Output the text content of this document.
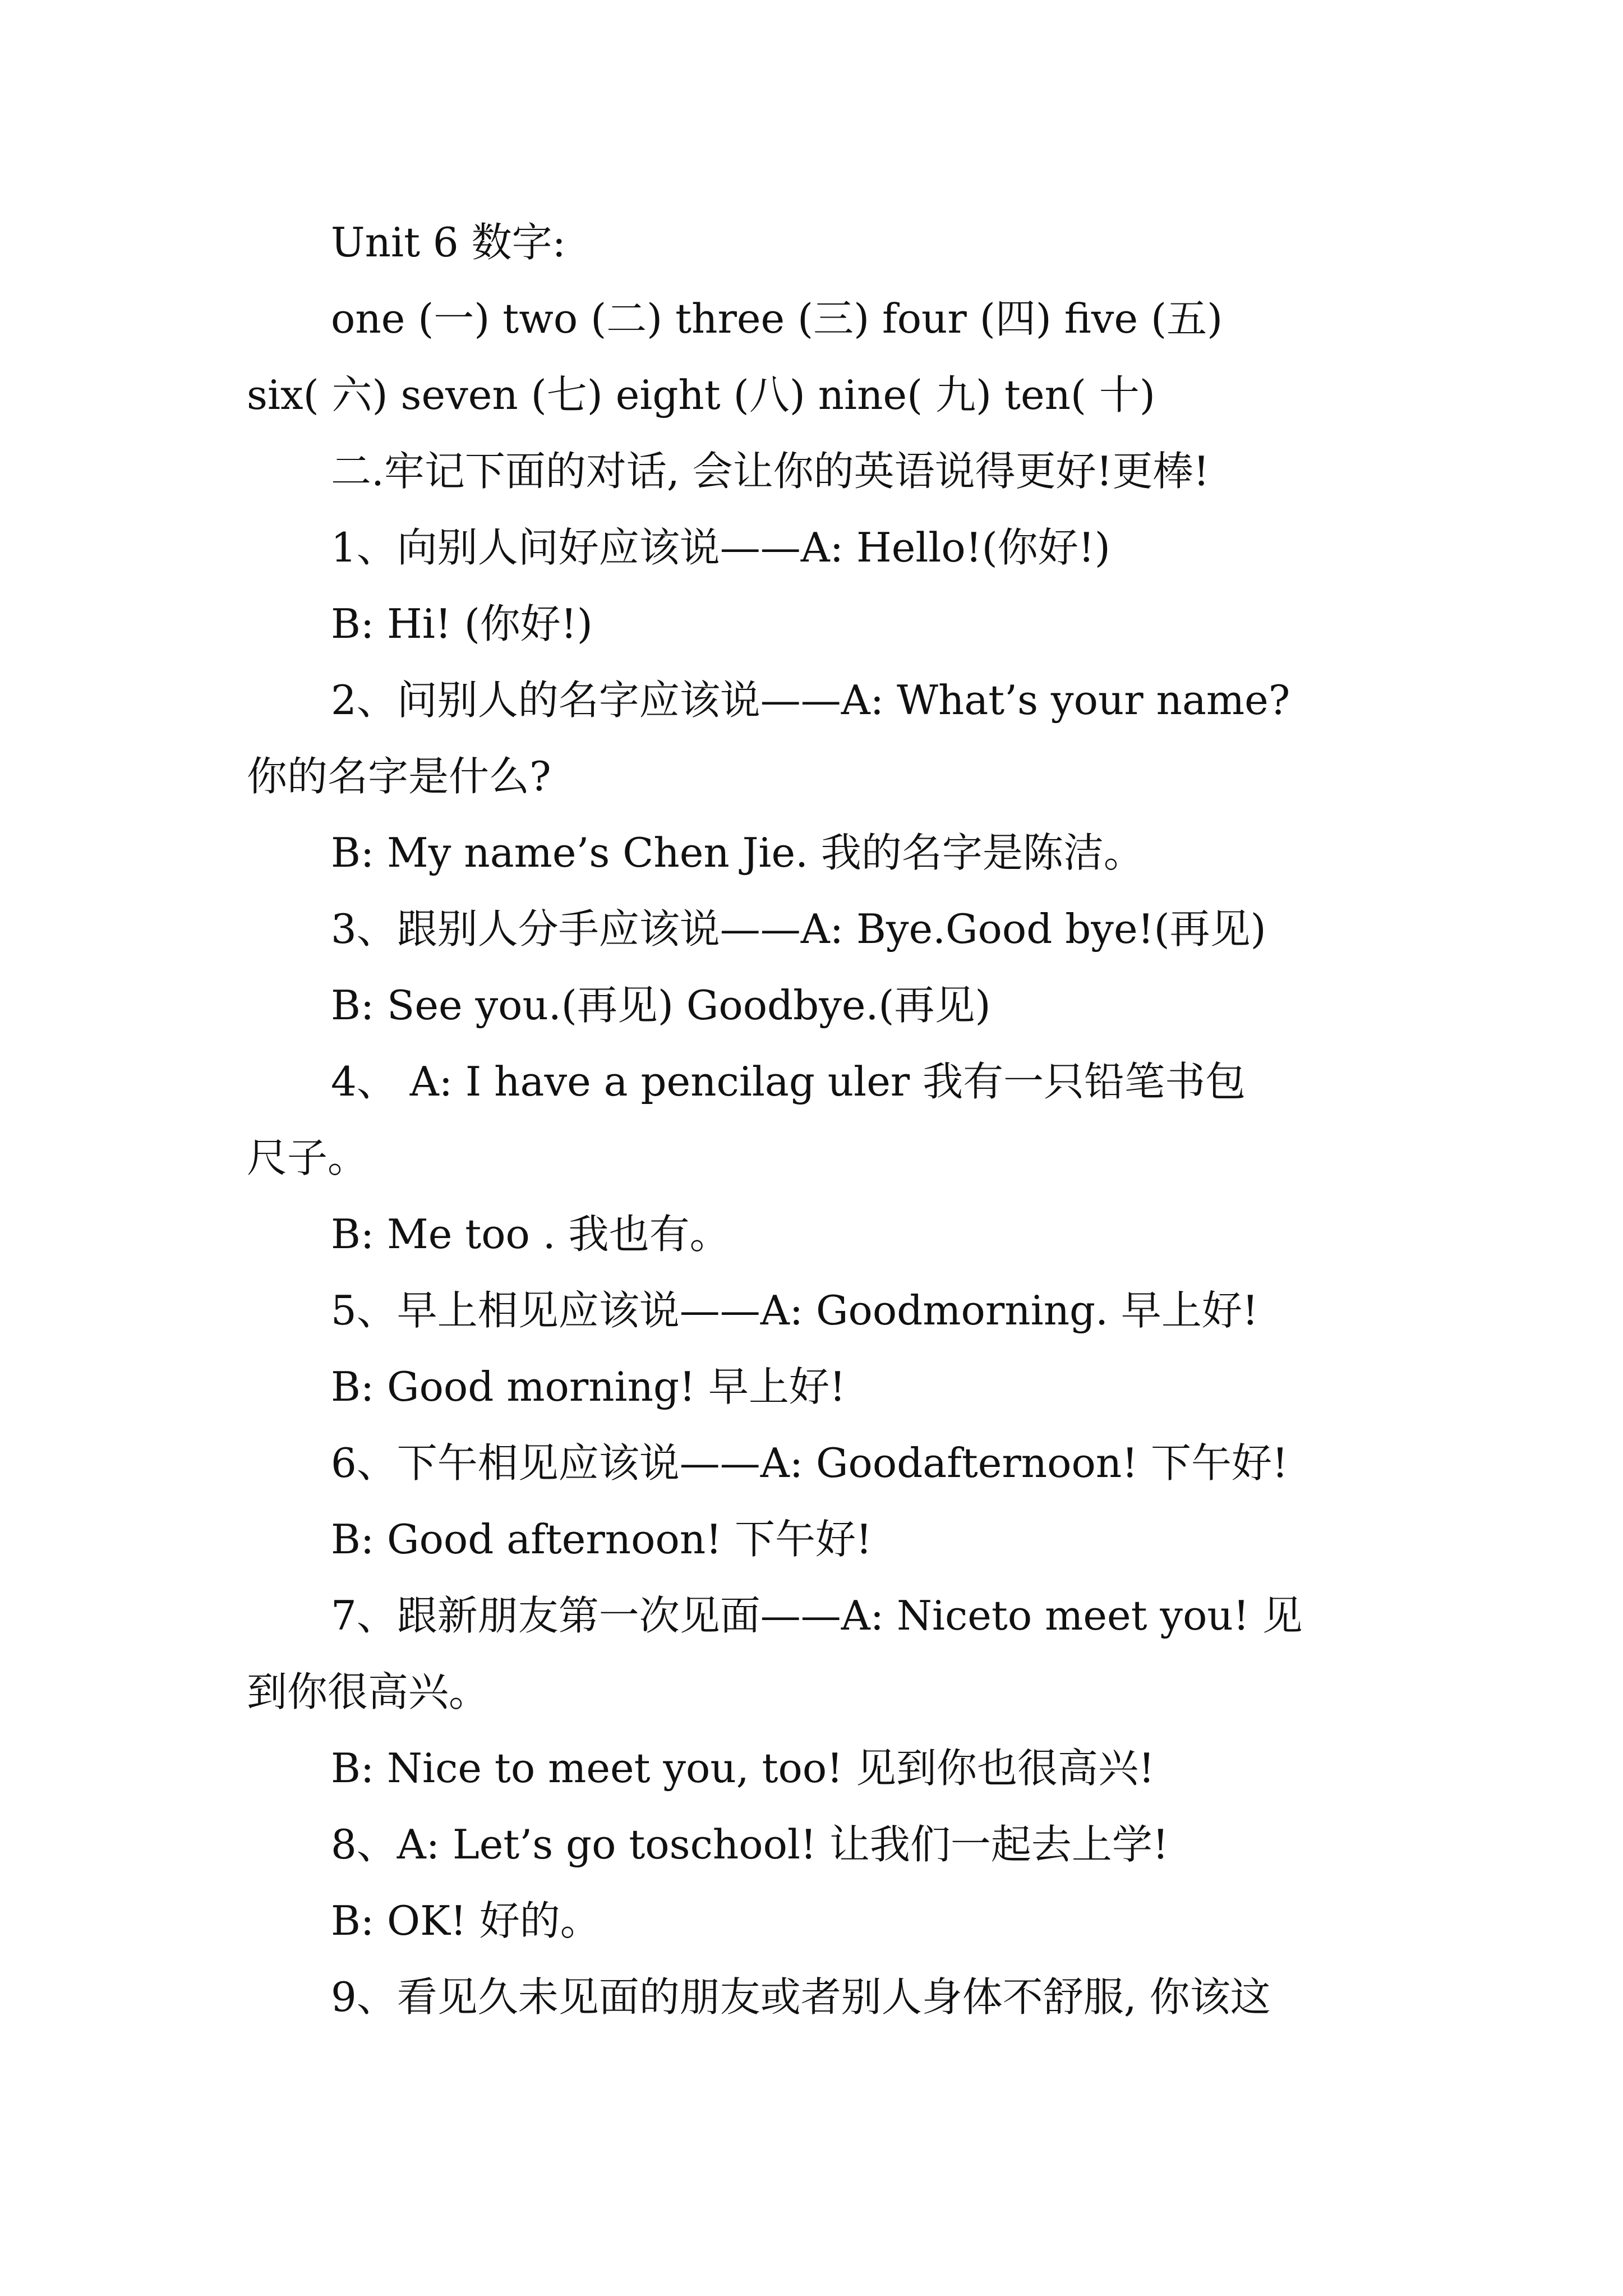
Unit 6 数字:
one (一) two (二) three (三) four (四) five (五)
six( 六) seven (七) eight (八) nine( 九) ten( 十)
二.牢记下面的对话, 会让你的英语说得更好!更棒!
1、向别人问好应该说——A: Hello!(你好!)
B: Hi! (你好!)
2、问别人的名字应该说——A: What’s your name?
你的名字是什么?
B: My name’s Chen Jie. 我的名字是陈洁。
3、跟别人分手应该说——A: Bye.Good bye!(再见)
B: See you.(再见) Goodbye.(再见)
4、 A: I have a pencilag uler 我有一只铅笔书包
尺子。
B: Me too . 我也有。
5、早上相见应该说——A: Goodmorning. 早上好!
B: Good morning! 早上好!
6、下午相见应该说——A: Goodafternoon! 下午好!
B: Good afternoon! 下午好!
7、跟新朋友第一次见面——A: Niceto meet you! 见
到你很高兴。
B: Nice to meet you, too! 见到你也很高兴!
8、A: Let’s go toschool! 让我们一起去上学!
B: OK! 好的。
9、看见久未见面的朋友或者别人身体不舒服, 你该这
